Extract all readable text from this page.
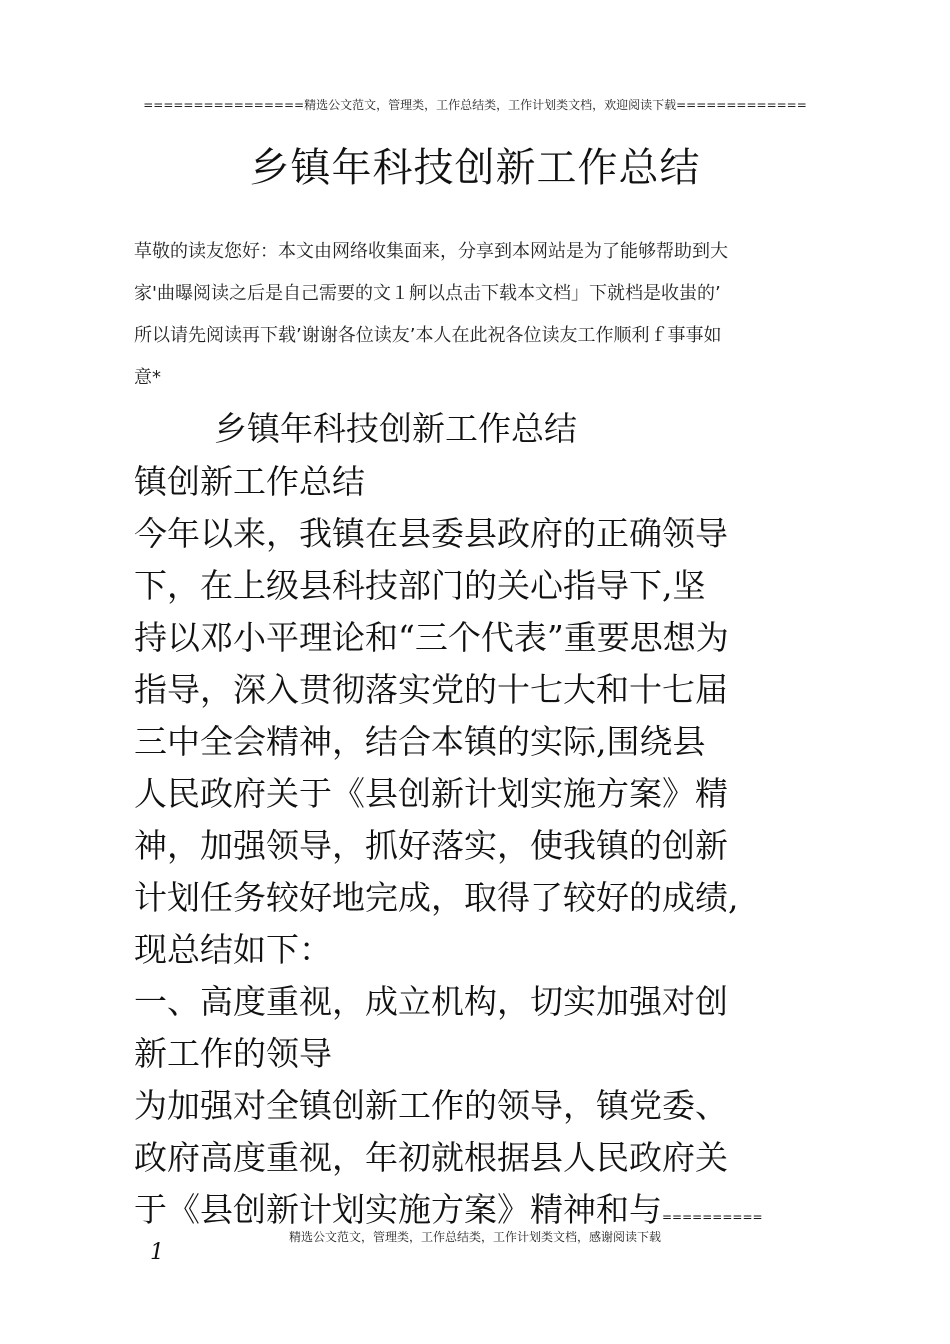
================精选公文范文，管理类，工作总结类，工作计划类文档，欢迎阅读下载=============
乡镇年科技创新工作总结
草敬的读友您好：本文由网络收集面来，分享到本网站是为了能够帮助到大
家'曲曝阅读之后是自己需要的文１舸以点击下载本文档」下就档是收蚩的’
所以请先阅读再下载’谢谢各位读友’本人在此祝各位读友工作顺利ｆ事事如
意*
乡镇年科技创新工作总结
镇创新工作总结
今年以来，我镇在县委县政府的正确领导
下，在上级县科技部门的关心指导下,坚
持以邓小平理论和“三个代表”重要思想为
指导，深入贯彻落实党的十七大和十七届
三中全会精神，结合本镇的实际,围绕县
人民政府关于《县创新计划实施方案》精
神，加强领导，抓好落实，使我镇的创新
计划任务较好地完成，取得了较好的成绩,
现总结如下：
一、高度重视，成立机构，切实加强对创
新工作的领导
为加强对全镇创新工作的领导，镇党委、
政府高度重视，年初就根据县人民政府关
于《县创新计划实施方案》精神和与==========
精选公文范文，管理类，工作总结类，工作计划类文档，感谢阅读下载
1
